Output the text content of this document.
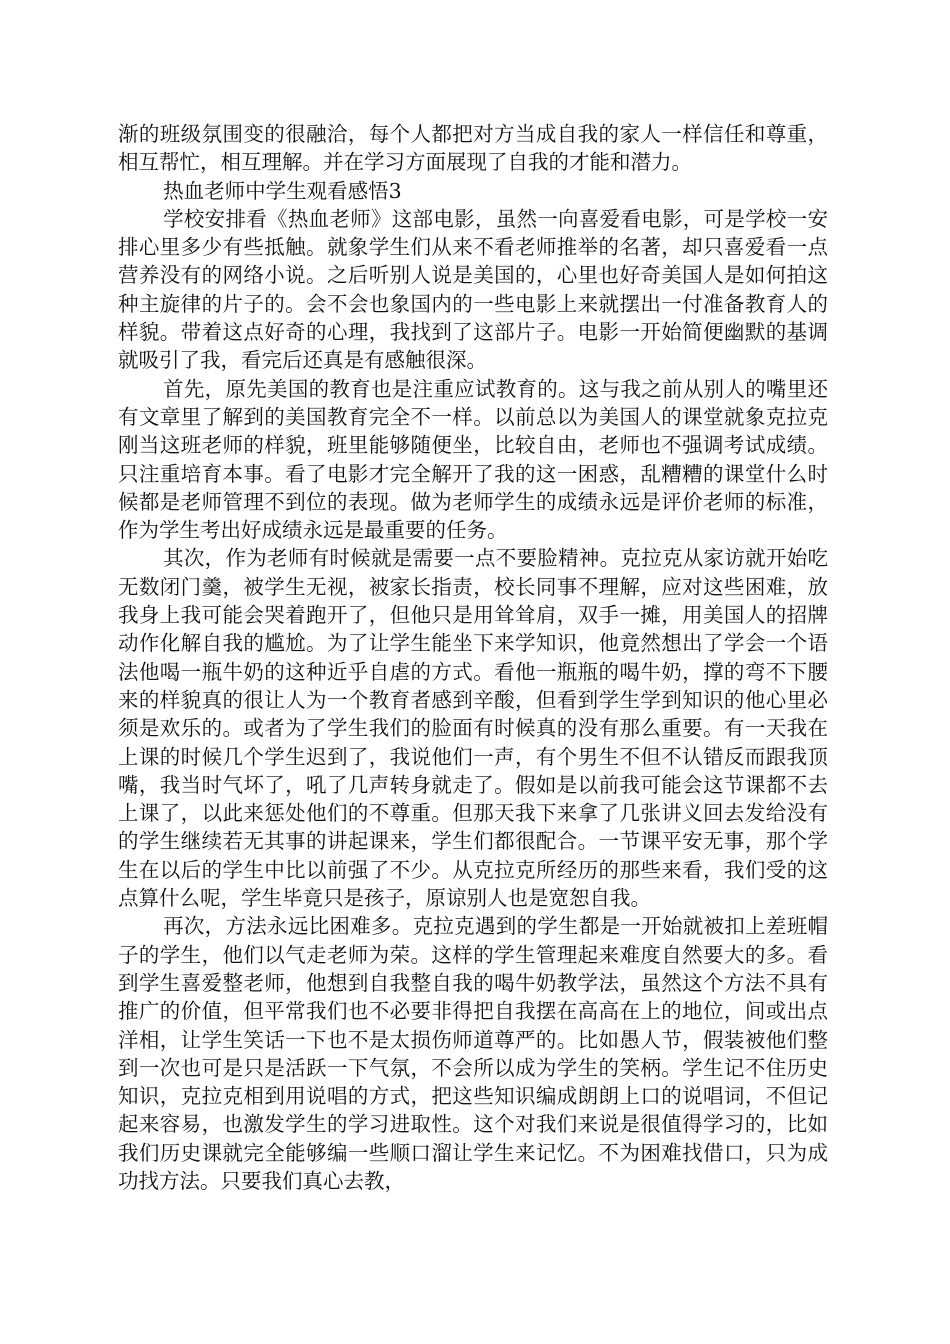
渐的班级氛围变的很融洽，每个人都把对方当成自我的家人一样信任和尊重，相互帮忙，相互理解。并在学习方面展现了自我的才能和潜力。

热血老师中学生观看感悟3

学校安排看《热血老师》这部电影，虽然一向喜爱看电影，可是学校一安排心里多少有些抵触。就象学生们从来不看老师推举的名著，却只喜爱看一点营养没有的网络小说。之后听别人说是美国的，心里也好奇美国人是如何拍这种主旋律的片子的。会不会也象国内的一些电影上来就摆出一付准备教育人的样貌。带着这点好奇的心理，我找到了这部片子。电影一开始简便幽默的基调就吸引了我，看完后还真是有感触很深。

首先，原先美国的教育也是注重应试教育的。这与我之前从别人的嘴里还有文章里了解到的美国教育完全不一样。以前总以为美国人的课堂就象克拉克刚当这班老师的样貌，班里能够随便坐，比较自由，老师也不强调考试成绩。只注重培育本事。看了电影才完全解开了我的这一困惑，乱糟糟的课堂什么时候都是老师管理不到位的表现。做为老师学生的成绩永远是评价老师的标准，作为学生考出好成绩永远是最重要的任务。

其次，作为老师有时候就是需要一点不要脸精神。克拉克从家访就开始吃无数闭门羹，被学生无视，被家长指责，校长同事不理解，应对这些困难，放我身上我可能会哭着跑开了，但他只是用耸耸肩，双手一摊，用美国人的招牌动作化解自我的尴尬。为了让学生能坐下来学知识，他竟然想出了学会一个语法他喝一瓶牛奶的这种近乎自虐的方式。看他一瓶瓶的喝牛奶，撑的弯不下腰来的样貌真的很让人为一个教育者感到辛酸，但看到学生学到知识的他心里必须是欢乐的。或者为了学生我们的脸面有时候真的没有那么重要。有一天我在上课的时候几个学生迟到了，我说他们一声，有个男生不但不认错反而跟我顶嘴，我当时气坏了，吼了几声转身就走了。假如是以前我可能会这节课都不去上课了，以此来惩处他们的不尊重。但那天我下来拿了几张讲义回去发给没有的学生继续若无其事的讲起课来，学生们都很配合。一节课平安无事，那个学生在以后的学生中比以前强了不少。从克拉克所经历的那些来看，我们受的这点算什么呢，学生毕竟只是孩子，原谅别人也是宽恕自我。

再次，方法永远比困难多。克拉克遇到的学生都是一开始就被扣上差班帽子的学生，他们以气走老师为荣。这样的学生管理起来难度自然要大的多。看到学生喜爱整老师，他想到自我整自我的喝牛奶教学法，虽然这个方法不具有推广的价值，但平常我们也不必要非得把自我摆在高高在上的地位，间或出点洋相，让学生笑话一下也不是太损伤师道尊严的。比如愚人节，假装被他们整到一次也可是只是活跃一下气氛，不会所以成为学生的笑柄。学生记不住历史知识，克拉克相到用说唱的方式，把这些知识编成朗朗上口的说唱词，不但记起来容易，也激发学生的学习进取性。这个对我们来说是很值得学习的，比如我们历史课就完全能够编一些顺口溜让学生来记忆。不为困难找借口，只为成功找方法。只要我们真心去教，
